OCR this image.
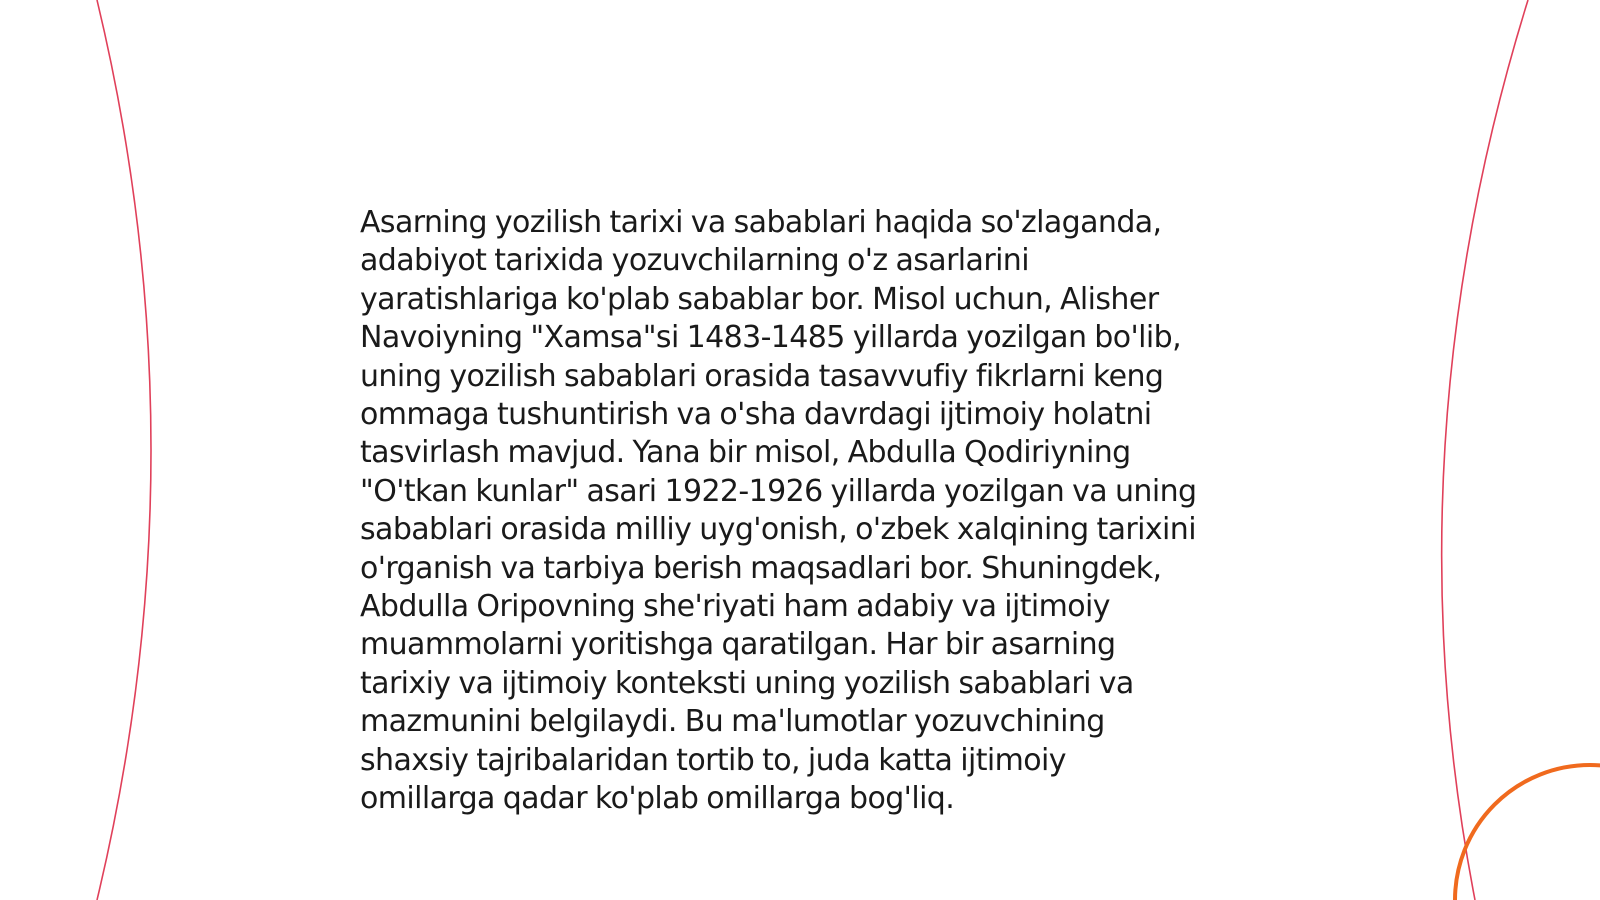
Asarning yozilish tarixi va sabablari haqida so'zlaganda,
adabiyot tarixida yozuvchilarning o'z asarlarini
yaratishlariga ko'plab sabablar bor. Misol uchun, Alisher
Navoiyning "Xamsa"si 1483-1485 yillarda yozilgan bo'lib,
uning yozilish sabablari orasida tasavvufiy fikrlarni keng
ommaga tushuntirish va o'sha davrdagi ijtimoiy holatni
tasvirlash mavjud. Yana bir misol, Abdulla Qodiriyning
"O'tkan kunlar" asari 1922-1926 yillarda yozilgan va uning
sabablari orasida milliy uyg'onish, o'zbek xalqining tarixini
o'rganish va tarbiya berish maqsadlari bor. Shuningdek,
Abdulla Oripovning she'riyati ham adabiy va ijtimoiy
muammolarni yoritishga qaratilgan. Har bir asarning
tarixiy va ijtimoiy konteksti uning yozilish sabablari va
mazmunini belgilaydi. Bu ma'lumotlar yozuvchining
shaxsiy tajribalaridan tortib to, juda katta ijtimoiy
omillarga qadar ko'plab omillarga bog'liq.
